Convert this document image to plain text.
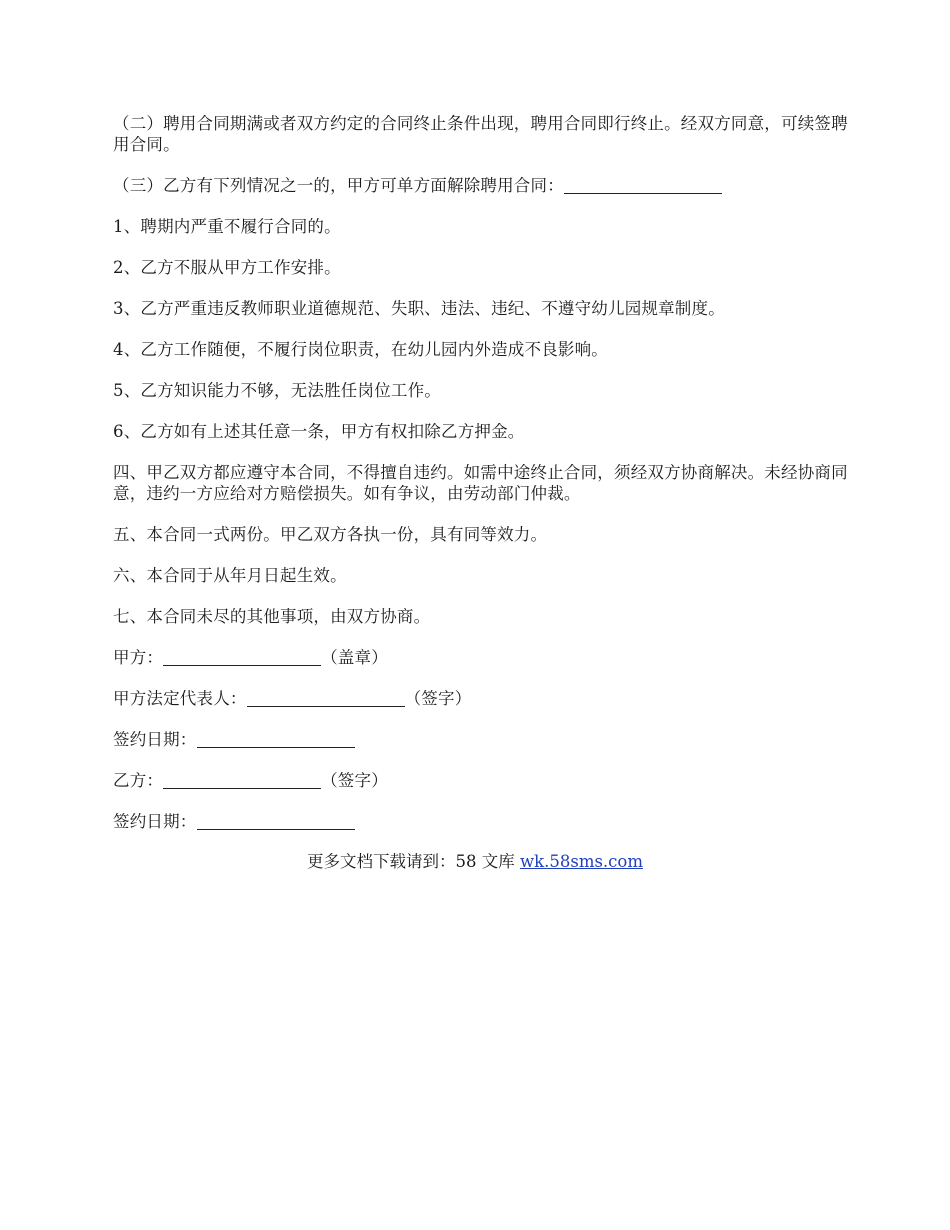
（二）聘用合同期满或者双方约定的合同终止条件出现，聘用合同即行终止。经双方同意，可续签聘用合同。

（三）乙方有下列情况之一的，甲方可单方面解除聘用合同：

1、聘期内严重不履行合同的。

2、乙方不服从甲方工作安排。

3、乙方严重违反教师职业道德规范、失职、违法、违纪、不遵守幼儿园规章制度。

4、乙方工作随便，不履行岗位职责，在幼儿园内外造成不良影响。

5、乙方知识能力不够，无法胜任岗位工作。

6、乙方如有上述其任意一条，甲方有权扣除乙方押金。

四、甲乙双方都应遵守本合同，不得擅自违约。如需中途终止合同，须经双方协商解决。未经协商同意，违约一方应给对方赔偿损失。如有争议，由劳动部门仲裁。

五、本合同一式两份。甲乙双方各执一份，具有同等效力。

六、本合同于从年月日起生效。

七、本合同未尽的其他事项，由双方协商。

甲方：	（盖章）

甲方法定代表人：	（签字）

签约日期：

乙方：	（签字）

签约日期：

更多文档下载请到：58 文库 wk.58sms.com
